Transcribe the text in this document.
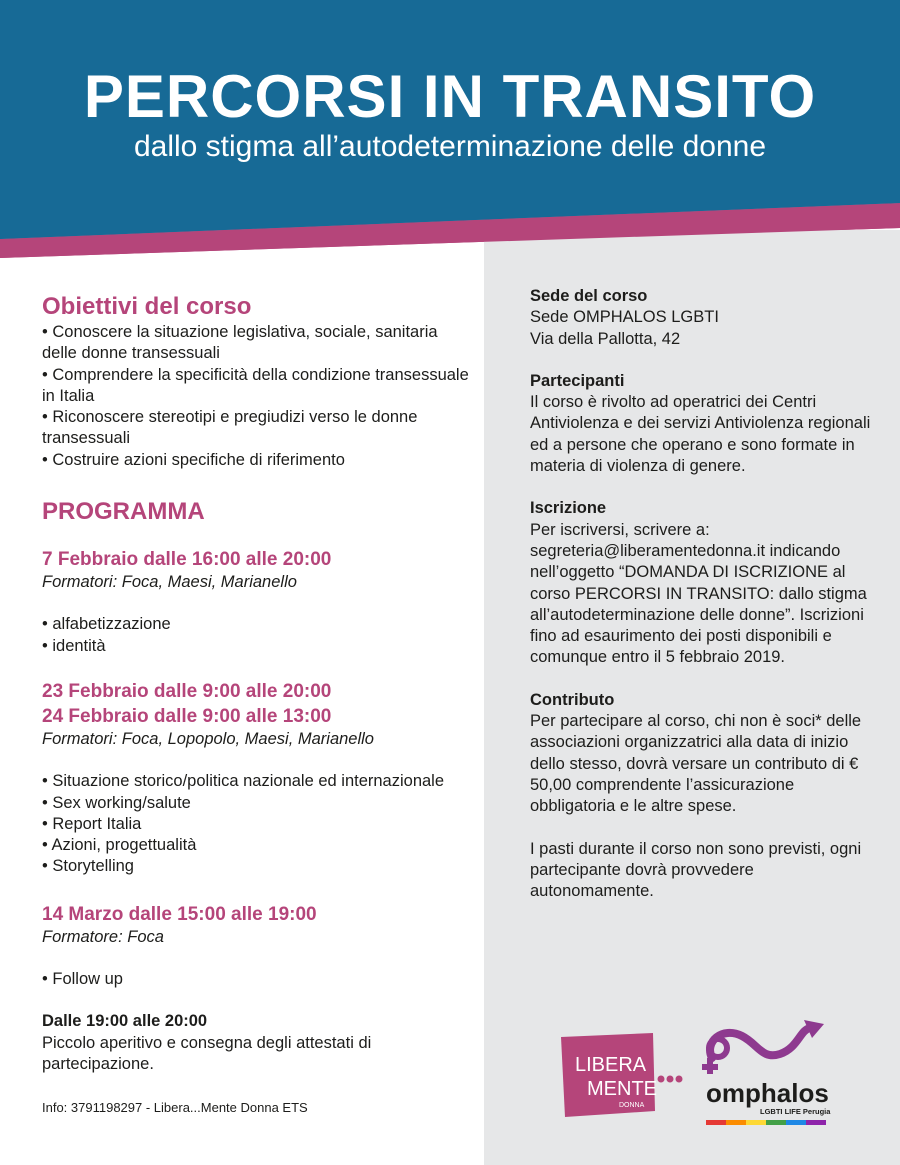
PERCORSI IN TRANSITO
dallo stigma all’autodeterminazione delle donne
Obiettivi del corso
• Conoscere la situazione legislativa, sociale, sanitaria delle donne transessuali
• Comprendere la specificità della condizione transessuale in Italia
• Riconoscere stereotipi e pregiudizi verso le donne transessuali
• Costruire azioni specifiche di riferimento
PROGRAMMA
7 Febbraio dalle 16:00 alle 20:00
Formatori: Foca, Maesi, Marianello
• alfabetizzazione
• identità
23 Febbraio dalle 9:00 alle 20:00
24 Febbraio dalle 9:00 alle 13:00
Formatori: Foca, Lopopolo, Maesi, Marianello
• Situazione storico/politica nazionale ed internazionale
• Sex working/salute
• Report Italia
• Azioni, progettualità
• Storytelling
14 Marzo dalle 15:00 alle 19:00
Formatore: Foca
• Follow up
Dalle 19:00 alle 20:00
Piccolo aperitivo e consegna degli attestati di partecipazione.
Info: 3791198297 - Libera...Mente Donna ETS
Sede del corso
Sede OMPHALOS LGBTI
Via della Pallotta, 42
Partecipanti
Il corso è rivolto ad operatrici dei Centri Antiviolenza e dei servizi Antiviolenza regionali ed a persone che operano e sono formate in materia di violenza di genere.
Iscrizione
Per iscriversi, scrivere a: segreteria@liberamentedonna.it indicando nell’oggetto “DOMANDA DI ISCRIZIONE al corso PERCORSI IN TRANSITO: dallo stigma all’autodeterminazione delle donne”. Iscrizioni fino ad esaurimento dei posti disponibili e comunque entro il 5 febbraio 2019.
Contributo
Per partecipare al corso, chi non è soci* delle associazioni organizzatrici alla data di inizio dello stesso, dovrà versare un contributo di € 50,00 comprendente l’assicurazione obbligatoria e le altre spese.
I pasti durante il corso non sono previsti, ogni partecipante dovrà provvedere autonomamente.
LIBERA
MENTE
DONNA omphalos
LGBTI LIFE Perugia
